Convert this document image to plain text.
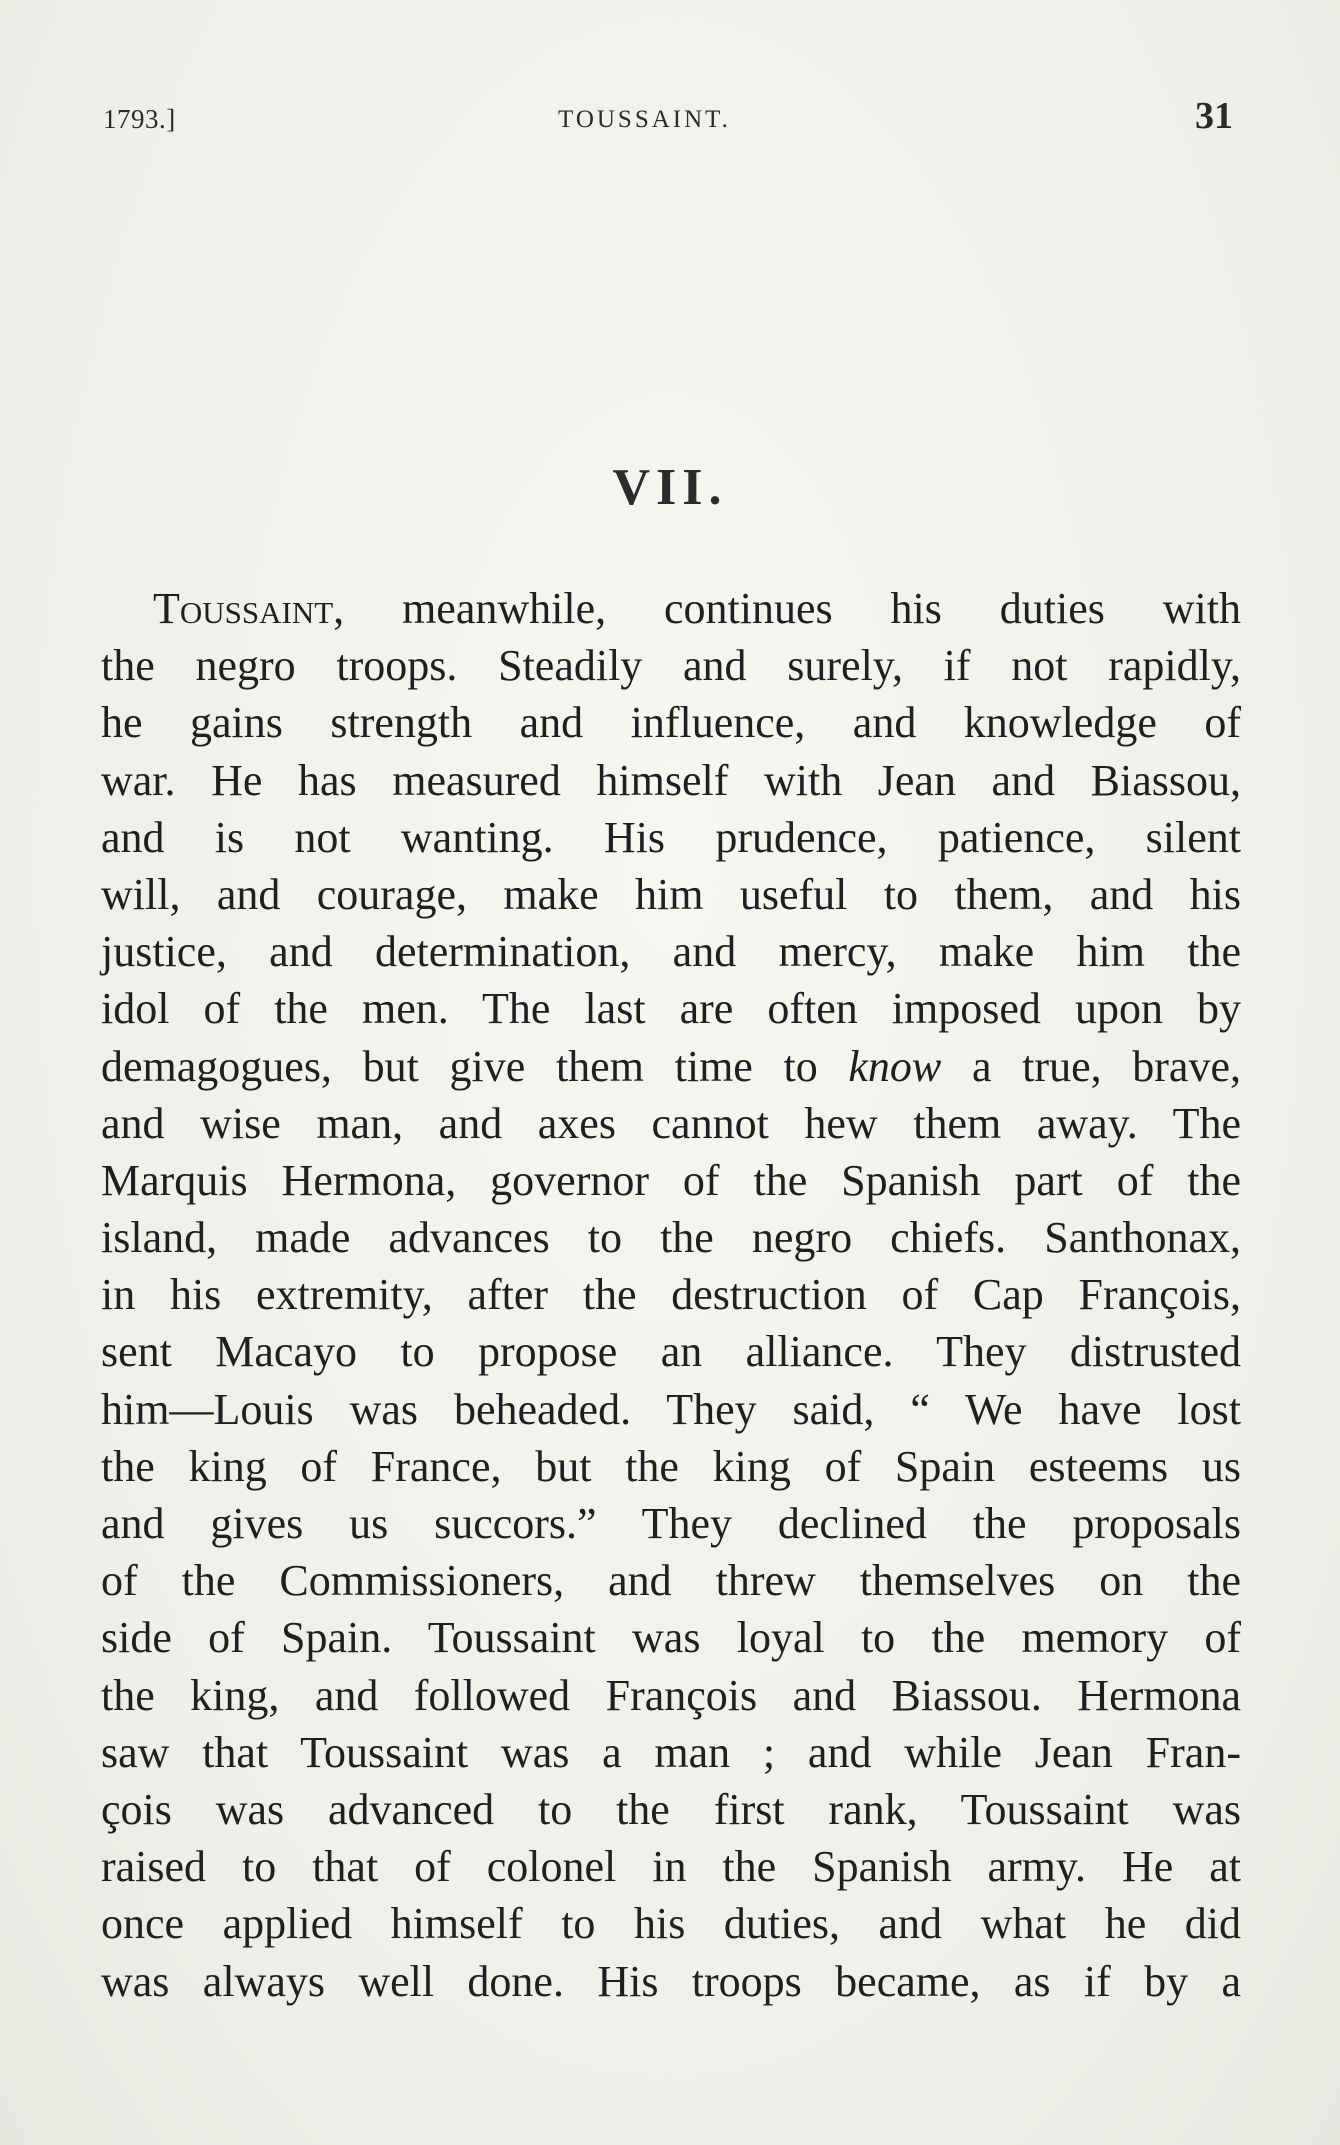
1793.]	TOUSSAINT.	31
VII.
Toussaint, meanwhile, continues his duties with
the negro troops. Steadily and surely, if not rapidly,
he gains strength and influence, and knowledge of
war. He has measured himself with Jean and Biassou,
and is not wanting. His prudence, patience, silent
will, and courage, make him useful to them, and his
justice, and determination, and mercy, make him the
idol of the men. The last are often imposed upon by
demagogues, but give them time to know a true, brave,
and wise man, and axes cannot hew them away. The
Marquis Hermona, governor of the Spanish part of the
island, made advances to the negro chiefs. Santhonax,
in his extremity, after the destruction of Cap François,
sent Macayo to propose an alliance. They distrusted
him—Louis was beheaded. They said, “ We have lost
the king of France, but the king of Spain esteems us
and gives us succors.” They declined the proposals
of the Commissioners, and threw themselves on the
side of Spain. Toussaint was loyal to the memory of
the king, and followed François and Biassou. Hermona
saw that Toussaint was a man ; and while Jean Fran-
çois was advanced to the first rank, Toussaint was
raised to that of colonel in the Spanish army. He at
once applied himself to his duties, and what he did
was always well done. His troops became, as if by a
